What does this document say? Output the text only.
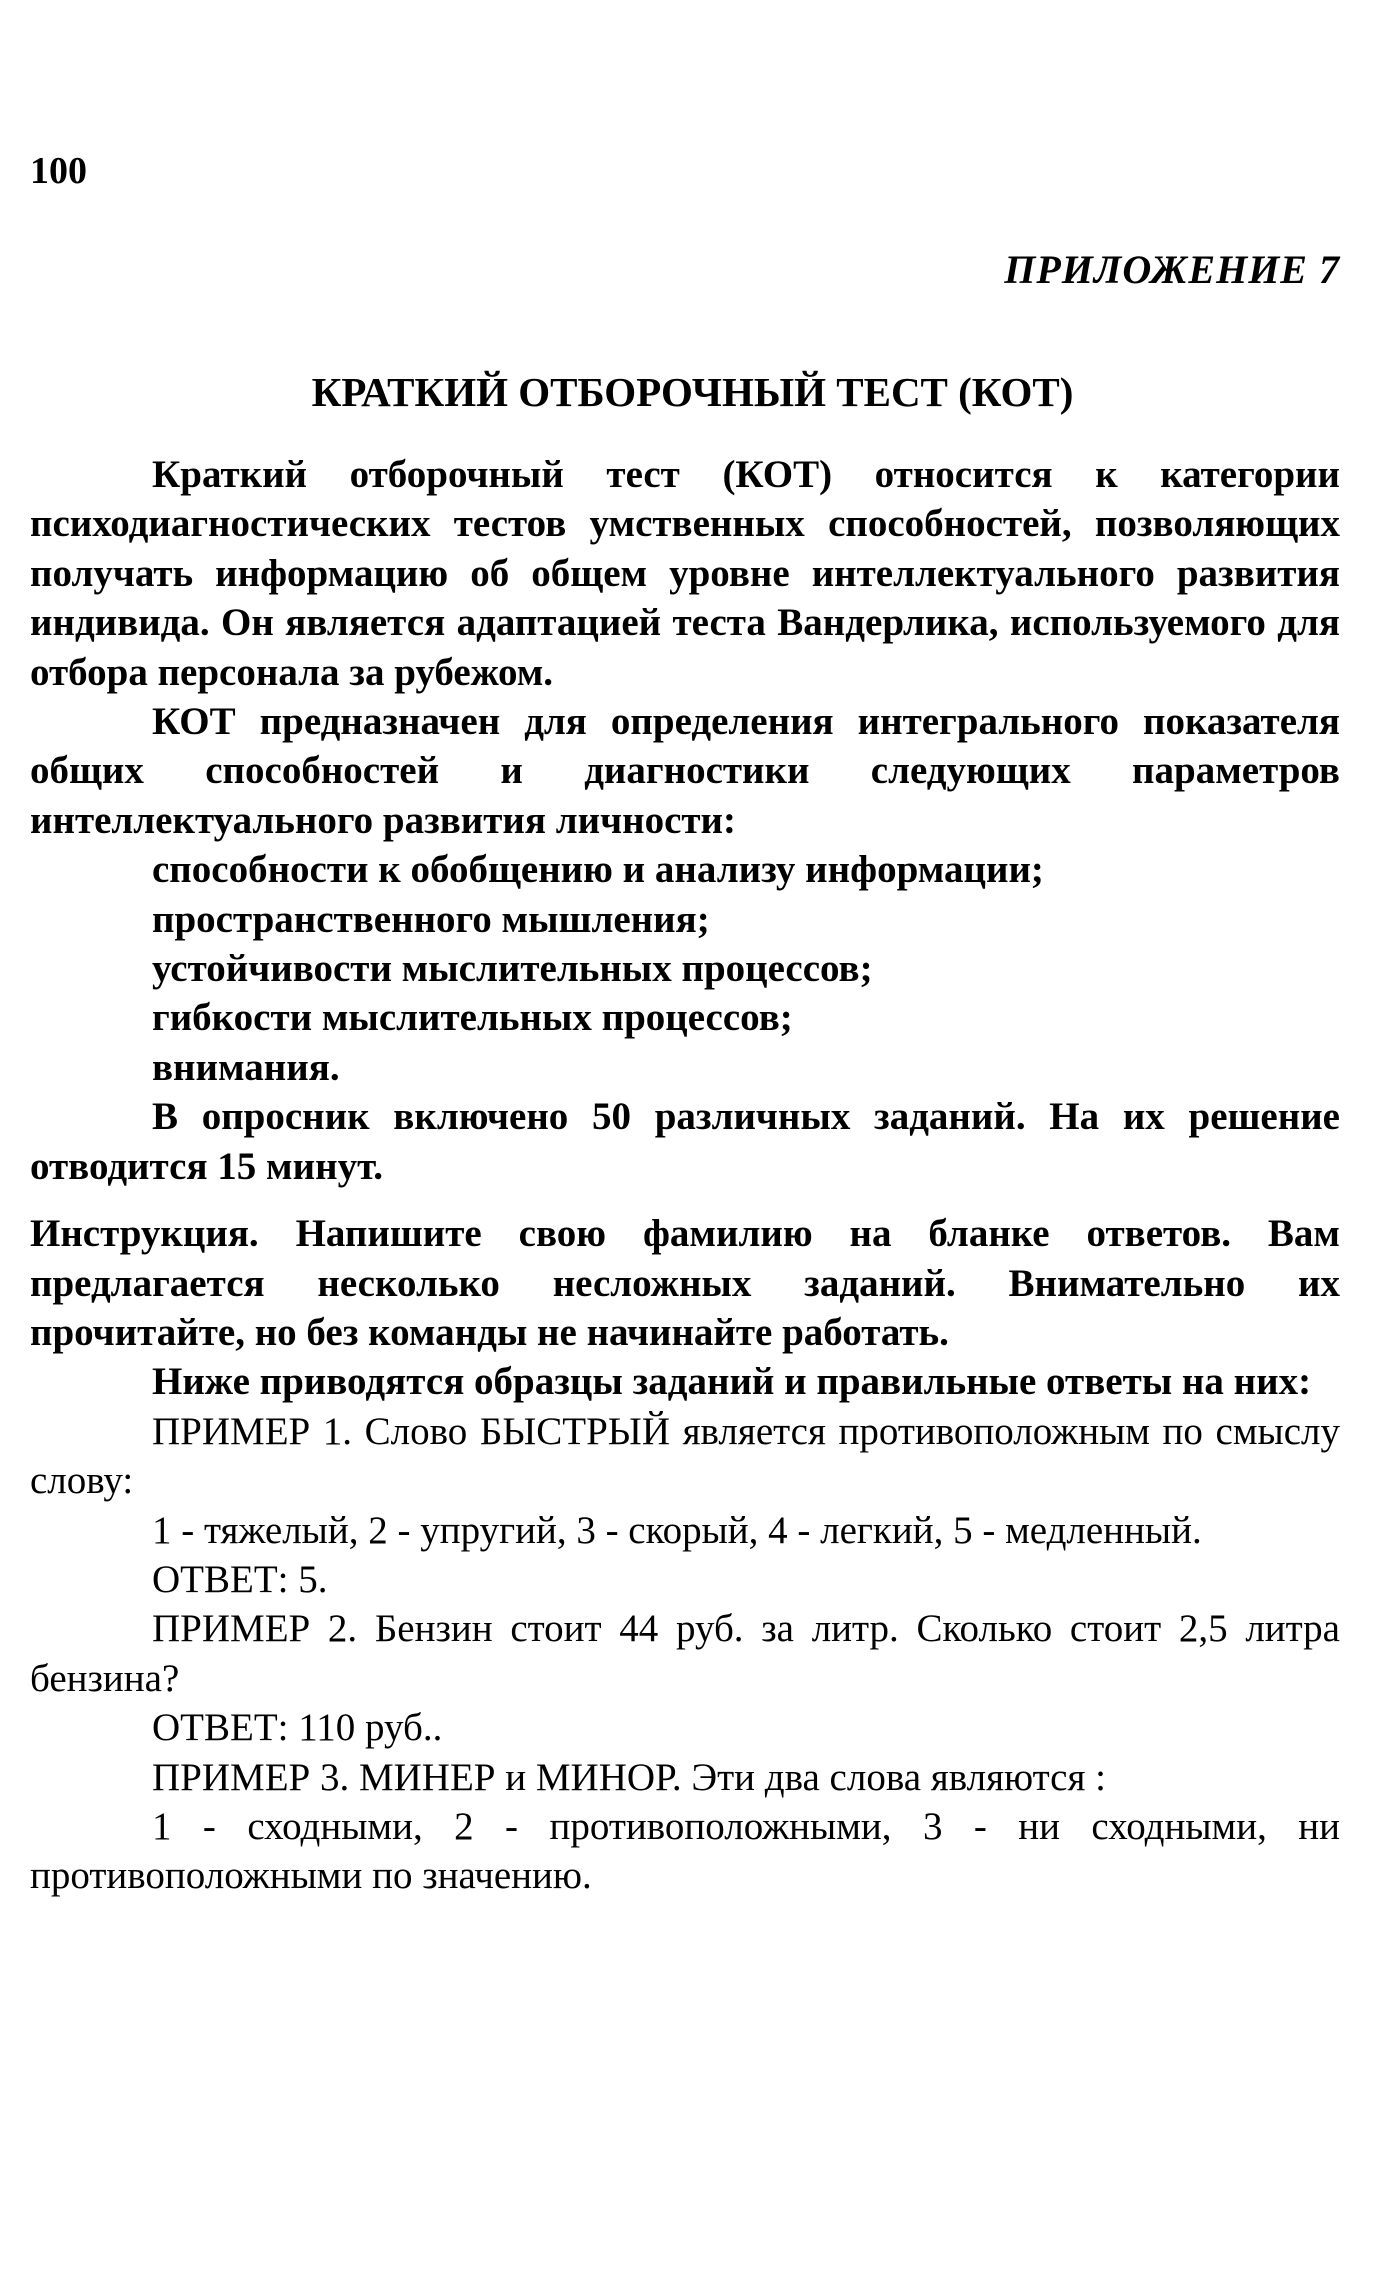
100
ПРИЛОЖЕНИЕ 7
КРАТКИЙ ОТБОРОЧНЫЙ ТЕСТ (КОТ)

Краткий отборочный тест (КОТ) относится к категории психодиагностических тестов умственных способностей, позволяющих получать информацию об общем уровне интеллектуального развития индивида. Он является адаптацией теста Вандерлика, используемого для отбора персонала за рубежом.

КОТ предназначен для определения интегрального показателя общих способностей и диагностики следующих параметров интеллектуального развития личности:

способности к обобщению и анализу информации;

пространственного мышления;

устойчивости мыслительных процессов;

гибкости мыслительных процессов;

внимания.

В опросник включено 50 различных заданий. На их решение отводится 15 минут.

Инструкция. Напишите свою фамилию на бланке ответов. Вам предлагается несколько несложных заданий. Внимательно их прочитайте, но без команды не начинайте работать.

Ниже приводятся образцы заданий и правильные ответы на них:

ПРИМЕР 1. Слово БЫСТРЫЙ является противоположным по смыслу слову:

1 - тяжелый, 2 - упругий, 3 - скорый, 4 - легкий, 5 - медленный.

ОТВЕТ: 5.

ПРИМЕР 2. Бензин стоит 44 руб. за литр. Сколько стоит 2,5 литра бензина?

ОТВЕТ: 110 руб..

ПРИМЕР 3. МИНЕР и МИНОР. Эти два слова являются :

1 - сходными, 2 - противоположными, 3 - ни сходными, ни противоположными по значению.
